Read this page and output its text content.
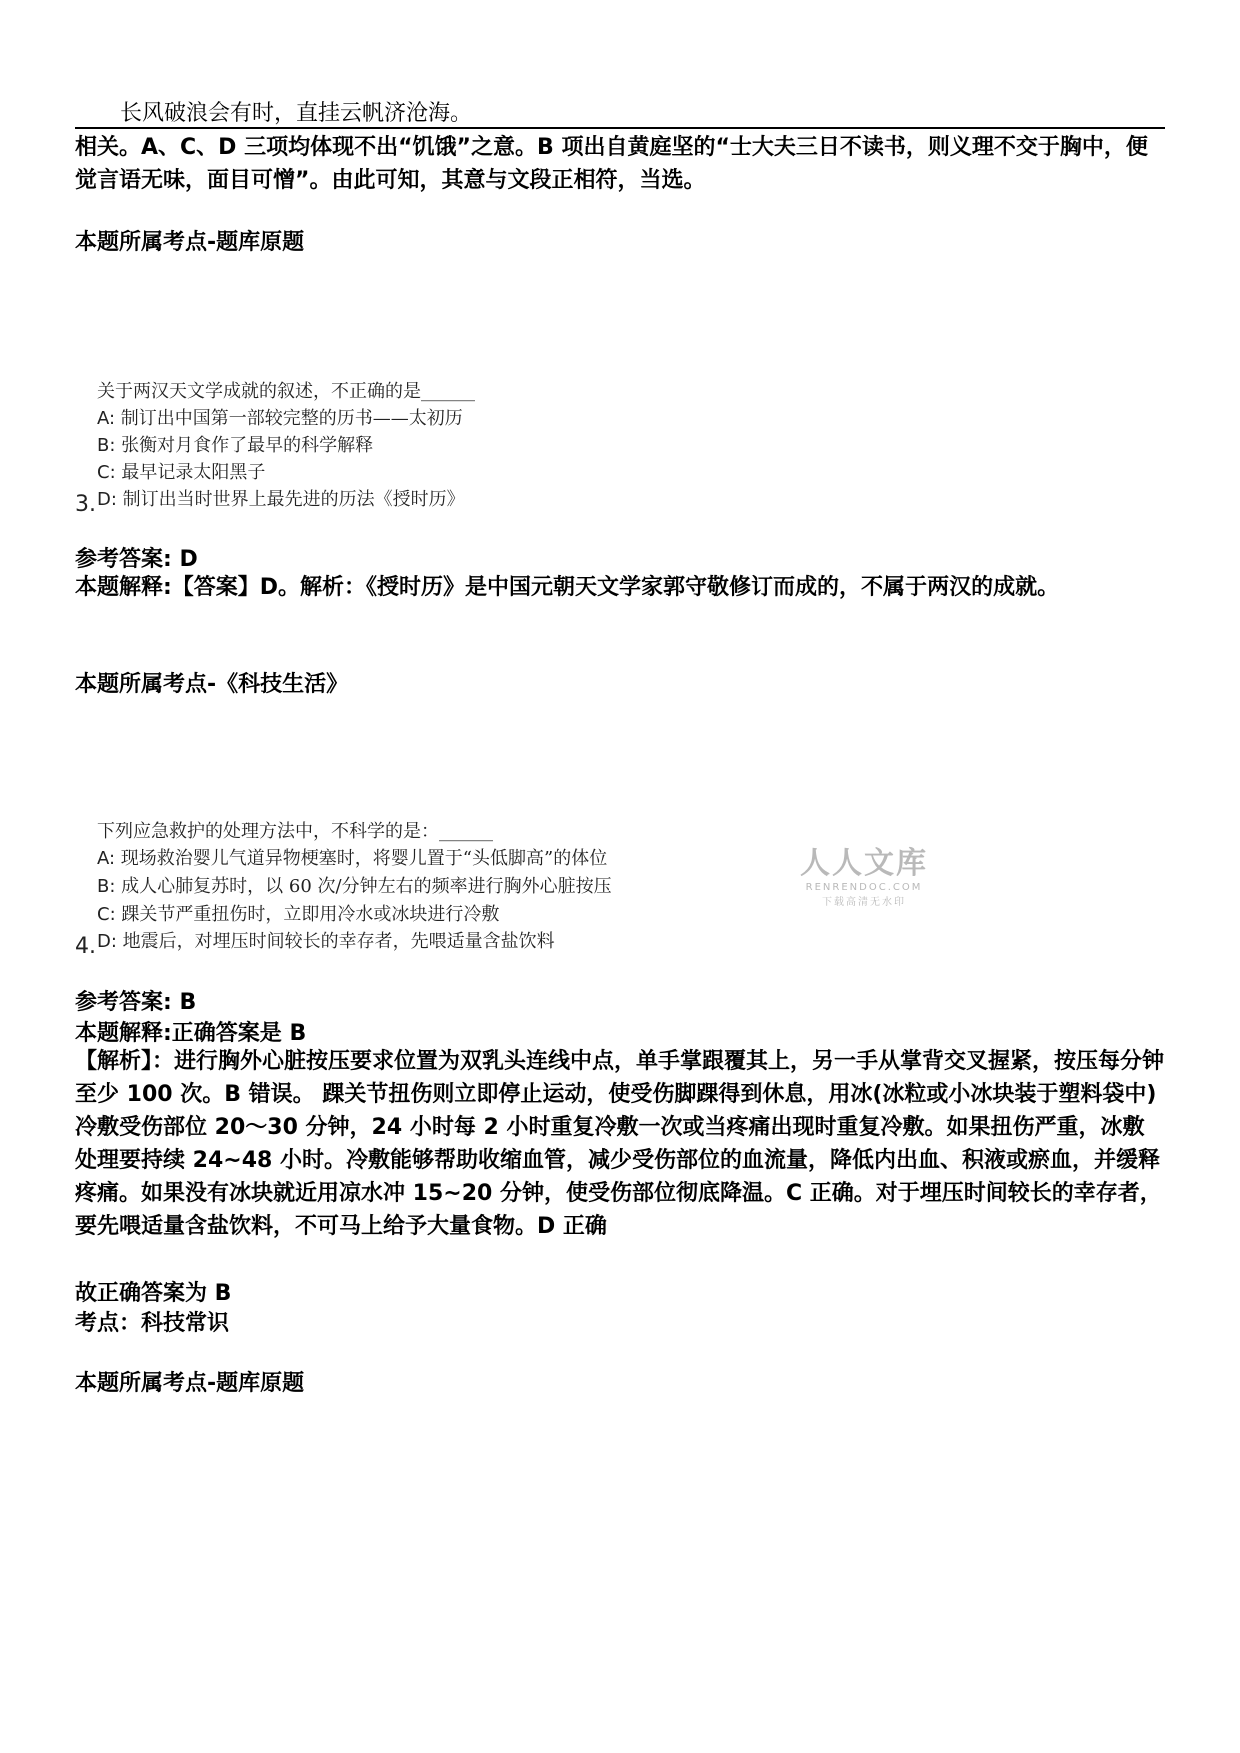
长风破浪会有时，直挂云帆济沧海。
相关。A、C、D 三项均体现不出“饥饿”之意。B 项出自黄庭坚的“士大夫三日不读书，则义理不交于胸中，便觉言语无味，面目可憎”。由此可知，其意与文段正相符，当选。
本题所属考点-题库原题
关于两汉天文学成就的叙述，不正确的是______
A: 制订出中国第一部较完整的历书——太初历
B: 张衡对月食作了最早的科学解释
C: 最早记录太阳黑子
3. D: 制订出当时世界上最先进的历法《授时历》
参考答案: D
本题解释:【答案】D。解析：《授时历》是中国元朝天文学家郭守敬修订而成的，不属于两汉的成就。
本题所属考点-《科技生活》
下列应急救护的处理方法中，不科学的是：______
A: 现场救治婴儿气道异物梗塞时，将婴儿置于“头低脚高”的体位
B: 成人心肺复苏时，以 60 次/分钟左右的频率进行胸外心脏按压
C: 踝关节严重扭伤时，立即用冷水或冰块进行冷敷
4. D: 地震后，对埋压时间较长的幸存者，先喂适量含盐饮料
人人文库
RENRENDOC.COM
下载高清无水印
参考答案: B
本题解释:正确答案是 B
【解析】：进行胸外心脏按压要求位置为双乳头连线中点，单手掌跟覆其上，另一手从掌背交叉握紧，按压每分钟至少 100 次。B 错误。 踝关节扭伤则立即停止运动，使受伤脚踝得到休息，用冰(冰粒或小冰块装于塑料袋中)冷敷受伤部位 20～30 分钟，24 小时每 2 小时重复冷敷一次或当疼痛出现时重复冷敷。如果扭伤严重，冰敷处理要持续 24~48 小时。冷敷能够帮助收缩血管，减少受伤部位的血流量，降低内出血、积液或瘀血，并缓释疼痛。如果没有冰块就近用凉水冲 15~20 分钟，使受伤部位彻底降温。C 正确。对于埋压时间较长的幸存者，要先喂适量含盐饮料，不可马上给予大量食物。D 正确
故正确答案为 B
考点：科技常识
本题所属考点-题库原题
